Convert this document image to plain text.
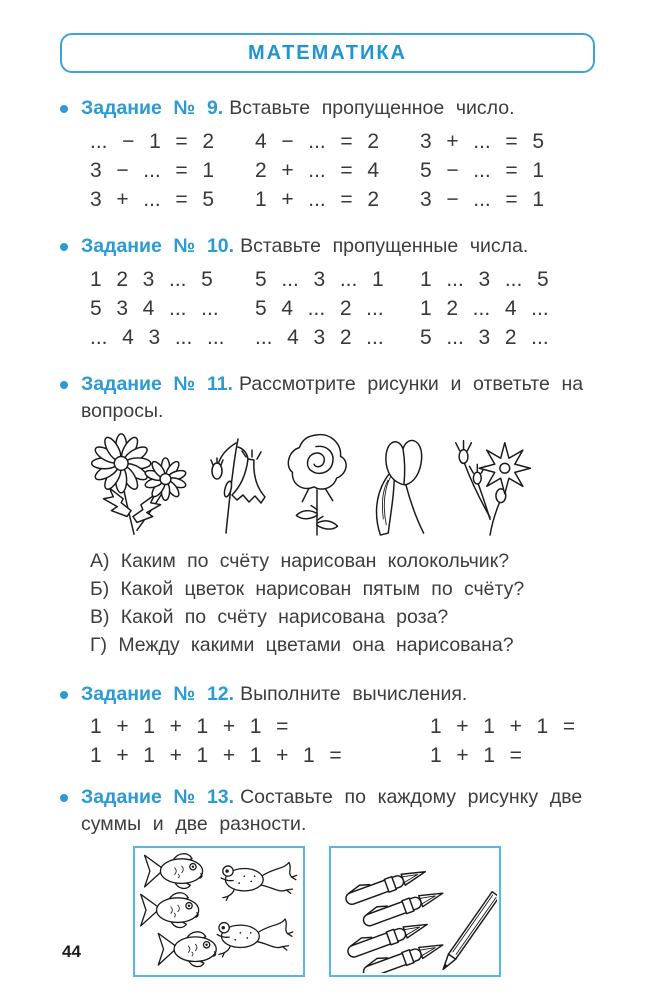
МАТЕМАТИКА

Задание № 9. Вставьте пропущенное число.

... − 1 = 2
3 − ... = 1
3 + ... = 5
4 − ... = 2
2 + ... = 4
1 + ... = 2
3 + ... = 5
5 − ... = 1
3 − ... = 1

Задание № 10. Вставьте пропущенные числа.

1 2 3 ... 5
5 3 4 ... ...
... 4 3 ... ...
5 ... 3 ... 1
5 4 ... 2 ...
... 4 3 2 ...
1 ... 3 ... 5
1 2 ... 4 ...
5 ... 3 2 ...

Задание № 11. Рассмотрите рисунки и ответьте на вопросы.

А) Каким по счёту нарисован колокольчик?
Б) Какой цветок нарисован пятым по счёту?
В) Какой по счёту нарисована роза?
Г) Между какими цветами она нарисована?

Задание № 12. Выполните вычисления.

1 + 1 + 1 + 1 =
1 + 1 + 1 + 1 + 1 =
1 + 1 + 1 =
1 + 1 =

Задание № 13. Составьте по каждому рисунку две суммы и две разности.

44
